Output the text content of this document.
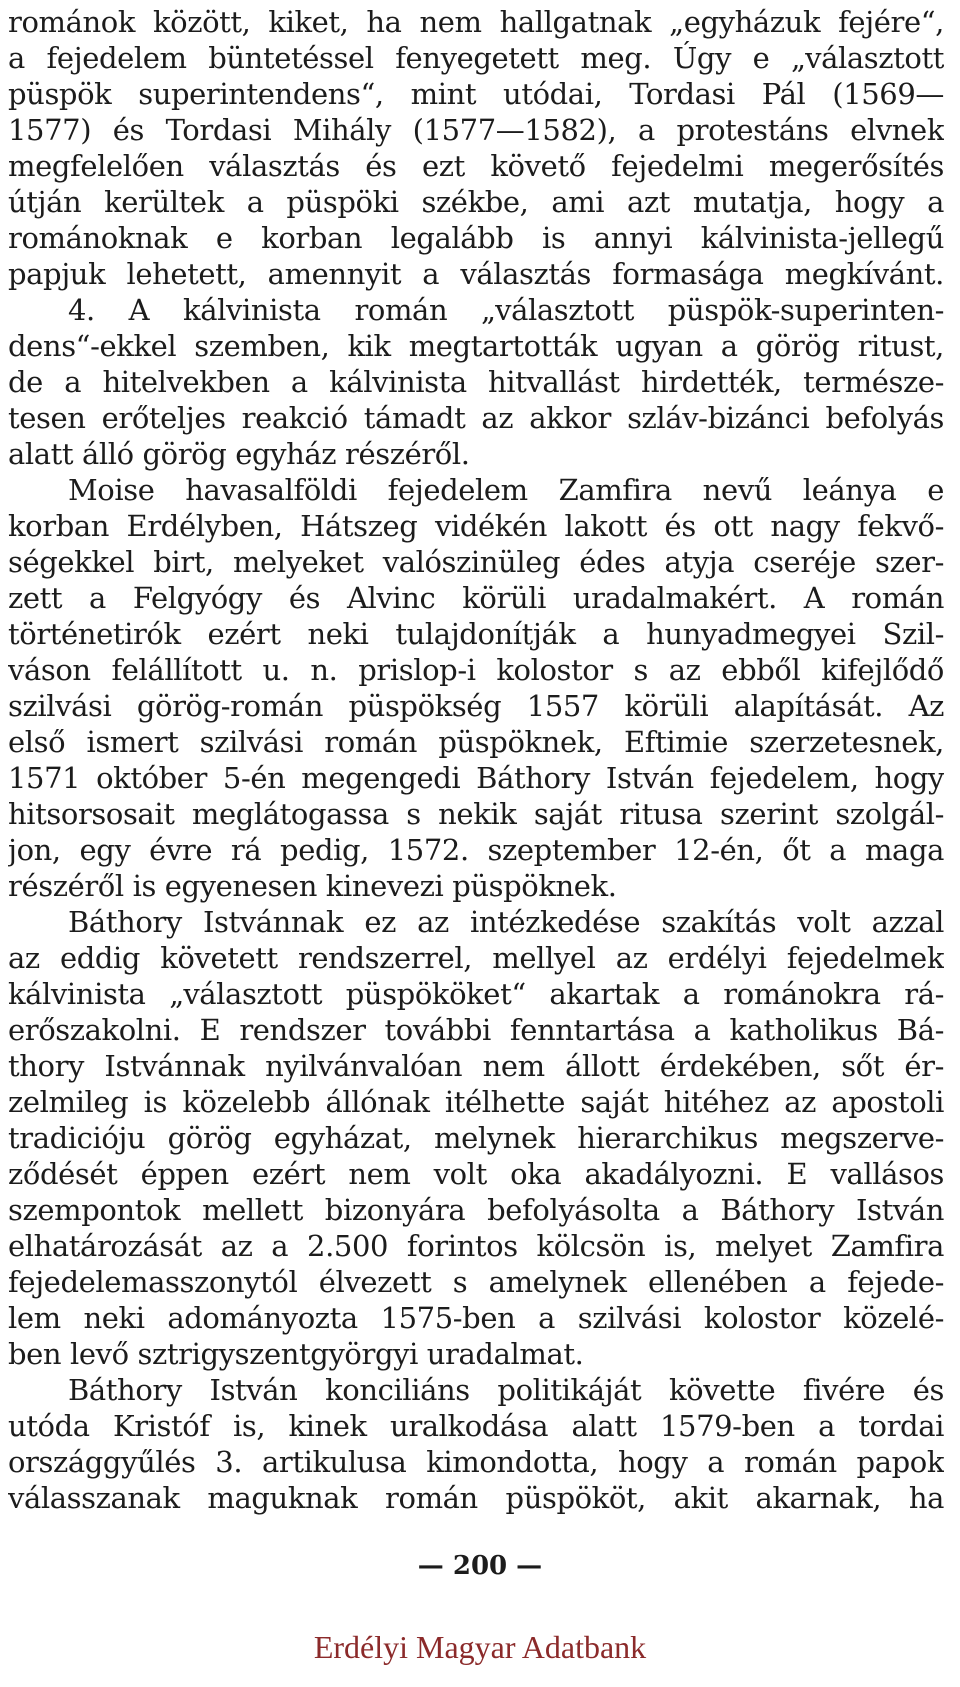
románok között, kiket, ha nem hallgatnak „egyházuk fejére“,
a fejedelem büntetéssel fenyegetett meg. Úgy e „választott
püspök superintendens“, mint utódai, Tordasi Pál (1569—
1577) és Tordasi Mihály (1577—1582), a protestáns elvnek
megfelelően választás és ezt követő fejedelmi megerősítés
útján kerültek a püspöki székbe, ami azt mutatja, hogy a
románoknak e korban legalább is annyi kálvinista-jellegű
papjuk lehetett, amennyit a választás formasága megkívánt.
4. A kálvinista román „választott püspök-superinten-
dens“-ekkel szemben, kik megtartották ugyan a görög ritust,
de a hitelvekben a kálvinista hitvallást hirdették, természe-
tesen erőteljes reakció támadt az akkor szláv-bizánci befolyás
alatt álló görög egyház részéről.
Moise havasalföldi fejedelem Zamfira nevű leánya e
korban Erdélyben, Hátszeg vidékén lakott és ott nagy fekvő-
ségekkel birt, melyeket valószinüleg édes atyja cseréje szer-
zett a Felgyógy és Alvinc körüli uradalmakért. A román
történetirók ezért neki tulajdonítják a hunyadmegyei Szil-
váson felállított u. n. prislop-i kolostor s az ebből kifejlődő
szilvási görög-román püspökség 1557 körüli alapítását. Az
első ismert szilvási román püspöknek, Eftimie szerzetesnek,
1571 október 5-én megengedi Báthory István fejedelem, hogy
hitsorsosait meglátogassa s nekik saját ritusa szerint szolgál-
jon, egy évre rá pedig, 1572. szeptember 12-én, őt a maga
részéről is egyenesen kinevezi püspöknek.
Báthory Istvánnak ez az intézkedése szakítás volt azzal
az eddig követett rendszerrel, mellyel az erdélyi fejedelmek
kálvinista „választott püspököket“ akartak a románokra rá-
erőszakolni. E rendszer további fenntartása a katholikus Bá-
thory Istvánnak nyilvánvalóan nem állott érdekében, sőt ér-
zelmileg is közelebb állónak itélhette saját hitéhez az apostoli
tradicióju görög egyházat, melynek hierarchikus megszerve-
ződését éppen ezért nem volt oka akadályozni. E vallásos
szempontok mellett bizonyára befolyásolta a Báthory István
elhatározását az a 2.500 forintos kölcsön is, melyet Zamfira
fejedelemasszonytól élvezett s amelynek ellenében a fejede-
lem neki adományozta 1575-ben a szilvási kolostor közelé-
ben levő sztrigyszentgyörgyi uradalmat.
Báthory István konciliáns politikáját követte fivére és
utóda Kristóf is, kinek uralkodása alatt 1579-ben a tordai
országgyűlés 3. artikulusa kimondotta, hogy a román papok
válasszanak maguknak román püspököt, akit akarnak, ha
— 200 —
Erdélyi Magyar Adatbank
